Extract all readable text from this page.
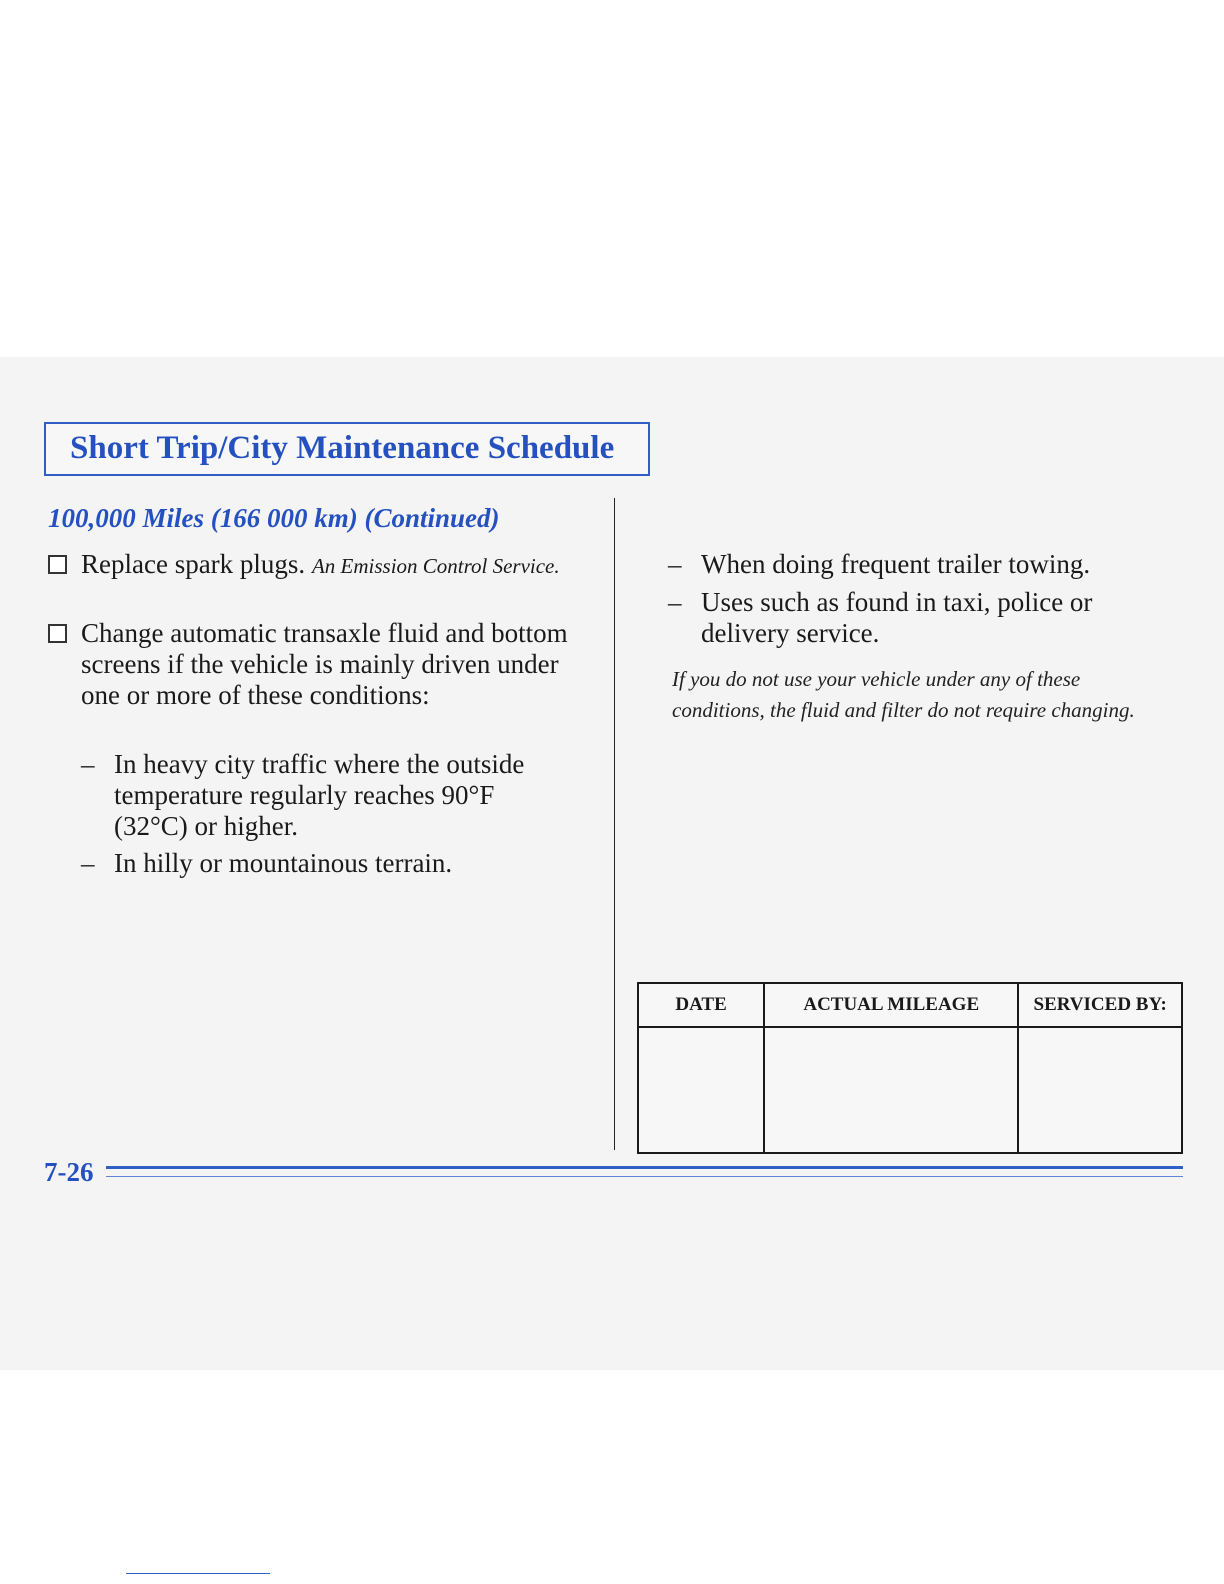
Short Trip/City Maintenance Schedule
100,000 Miles (166 000 km) (Continued)
Replace spark plugs. An Emission Control Service.
Change automatic transaxle fluid and bottom screens if the vehicle is mainly driven under one or more of these conditions:
– In heavy city traffic where the outside temperature regularly reaches 90°F (32°C) or higher.
– In hilly or mountainous terrain.
– When doing frequent trailer towing.
– Uses such as found in taxi, police or delivery service.
If you do not use your vehicle under any of these conditions, the fluid and filter do not require changing.
DATE	ACTUAL MILEAGE	SERVICED BY:

7-26
